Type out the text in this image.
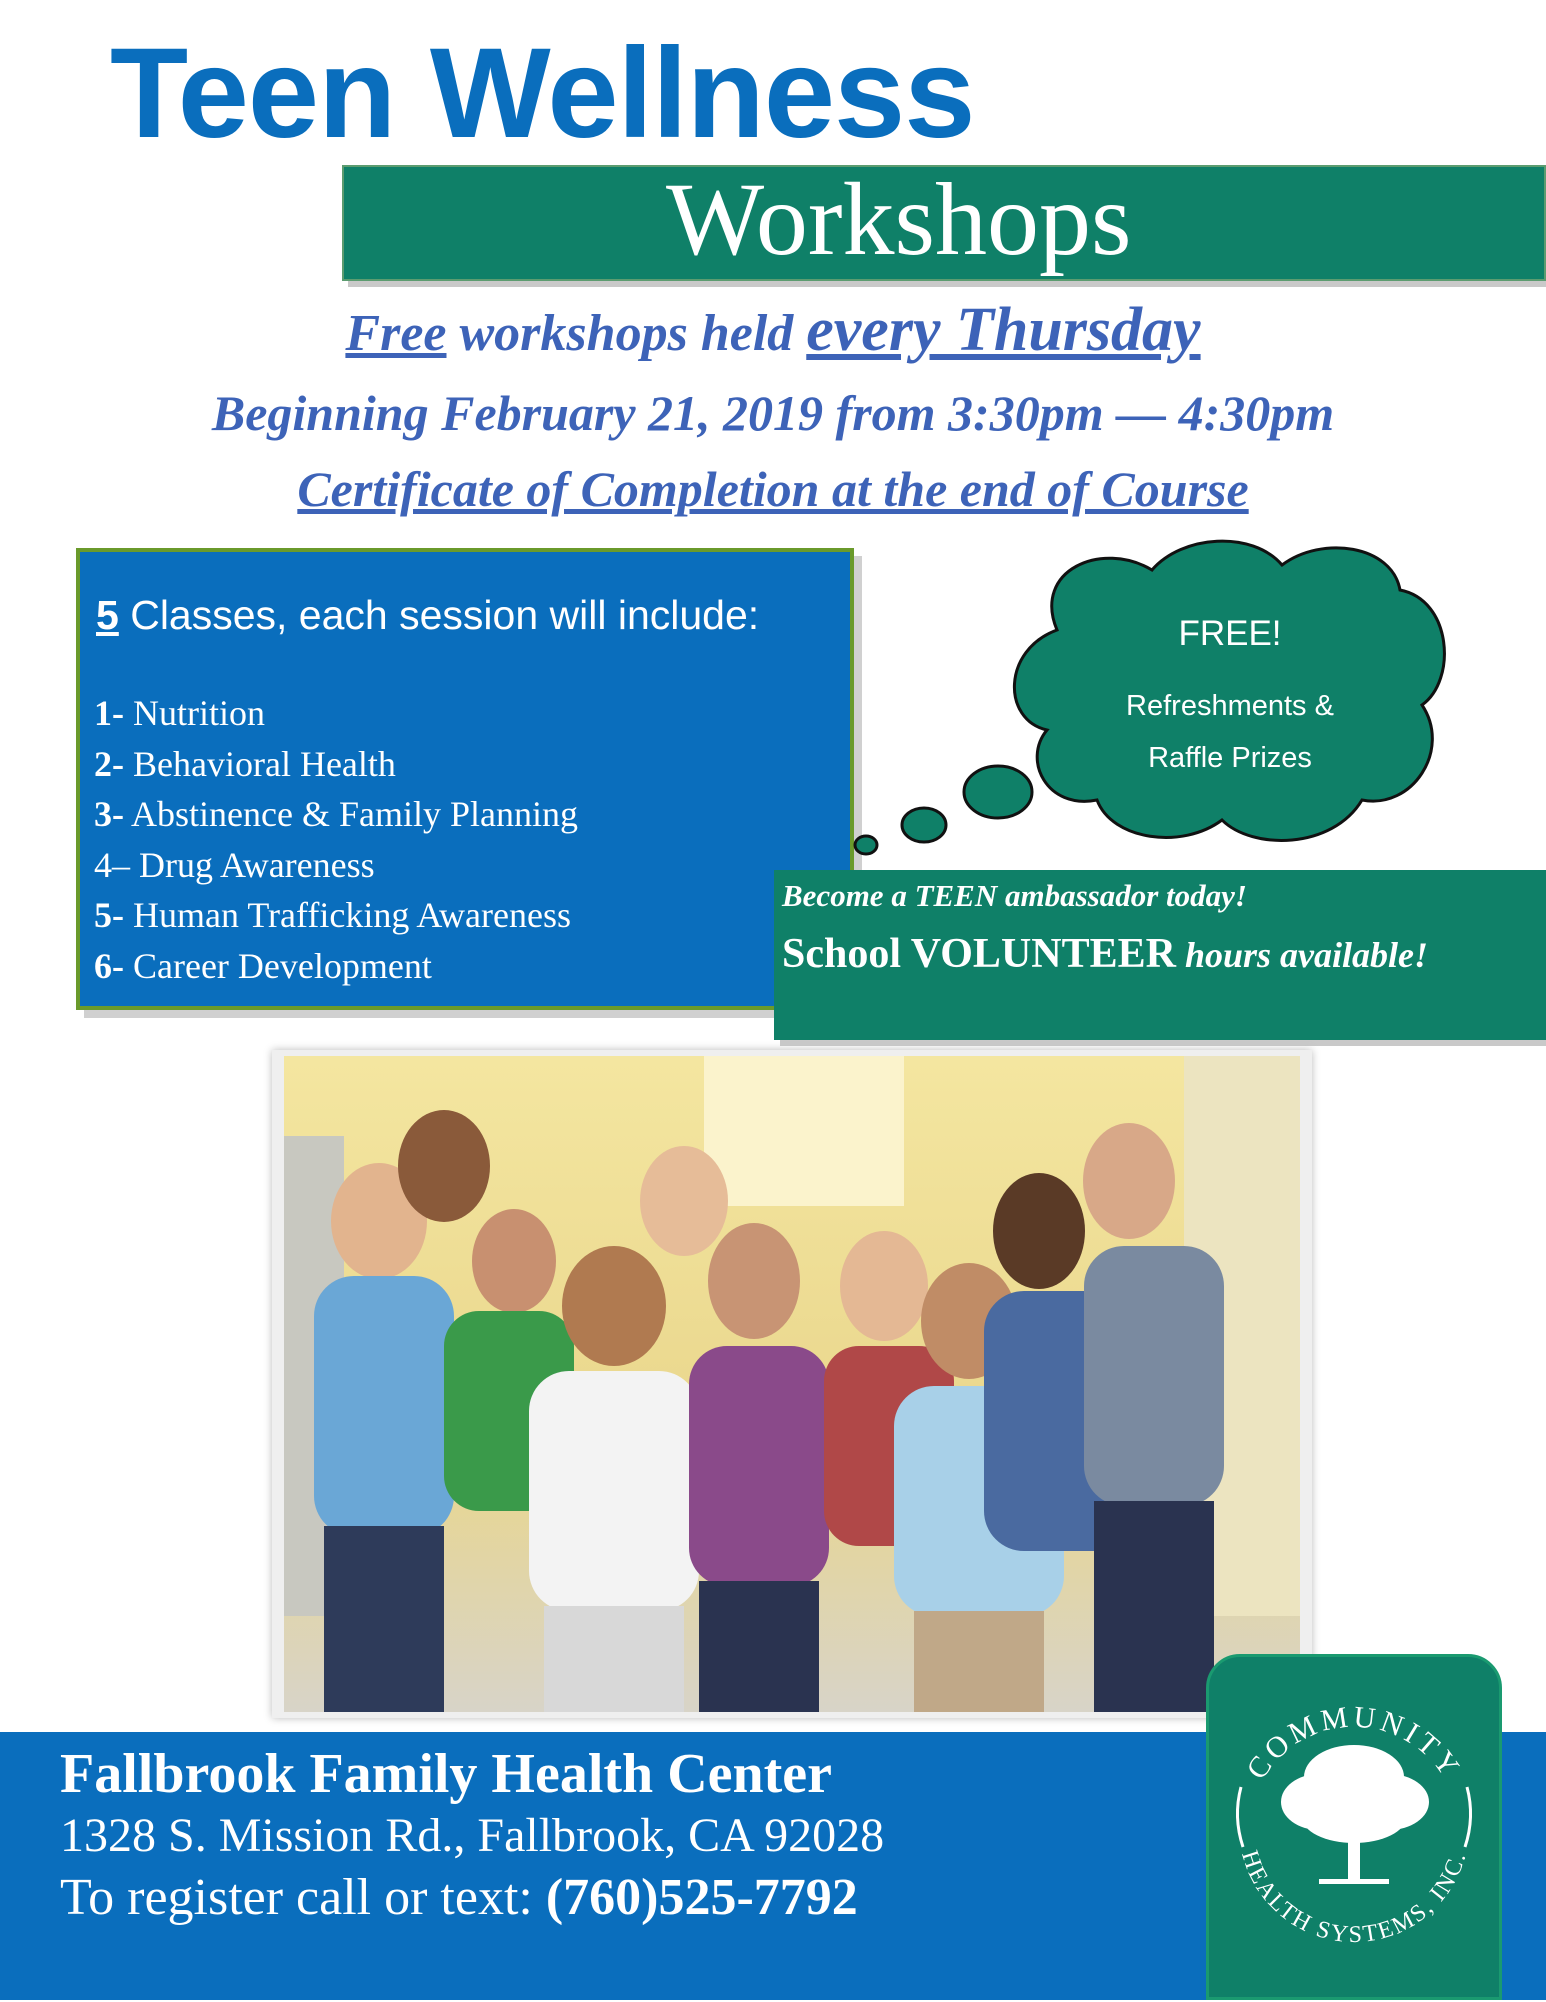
Teen Wellness
Workshops
Free workshops held every Thursday
Beginning February 21, 2019 from 3:30pm — 4:30pm
Certificate of Completion at the end of Course
5 Classes, each session will include:
1- Nutrition
2- Behavioral Health
3- Abstinence & Family Planning
4– Drug Awareness
5- Human Trafficking Awareness
6- Career Development
FREE!
Refreshments &
Raffle Prizes
Become a TEEN ambassador today!
School VOLUNTEER hours available!
Fallbrook Family Health Center
1328 S. Mission Rd., Fallbrook, CA 92028
To register call or text: (760)525-7792
COMMUNITY
HEALTH SYSTEMS, INC.
